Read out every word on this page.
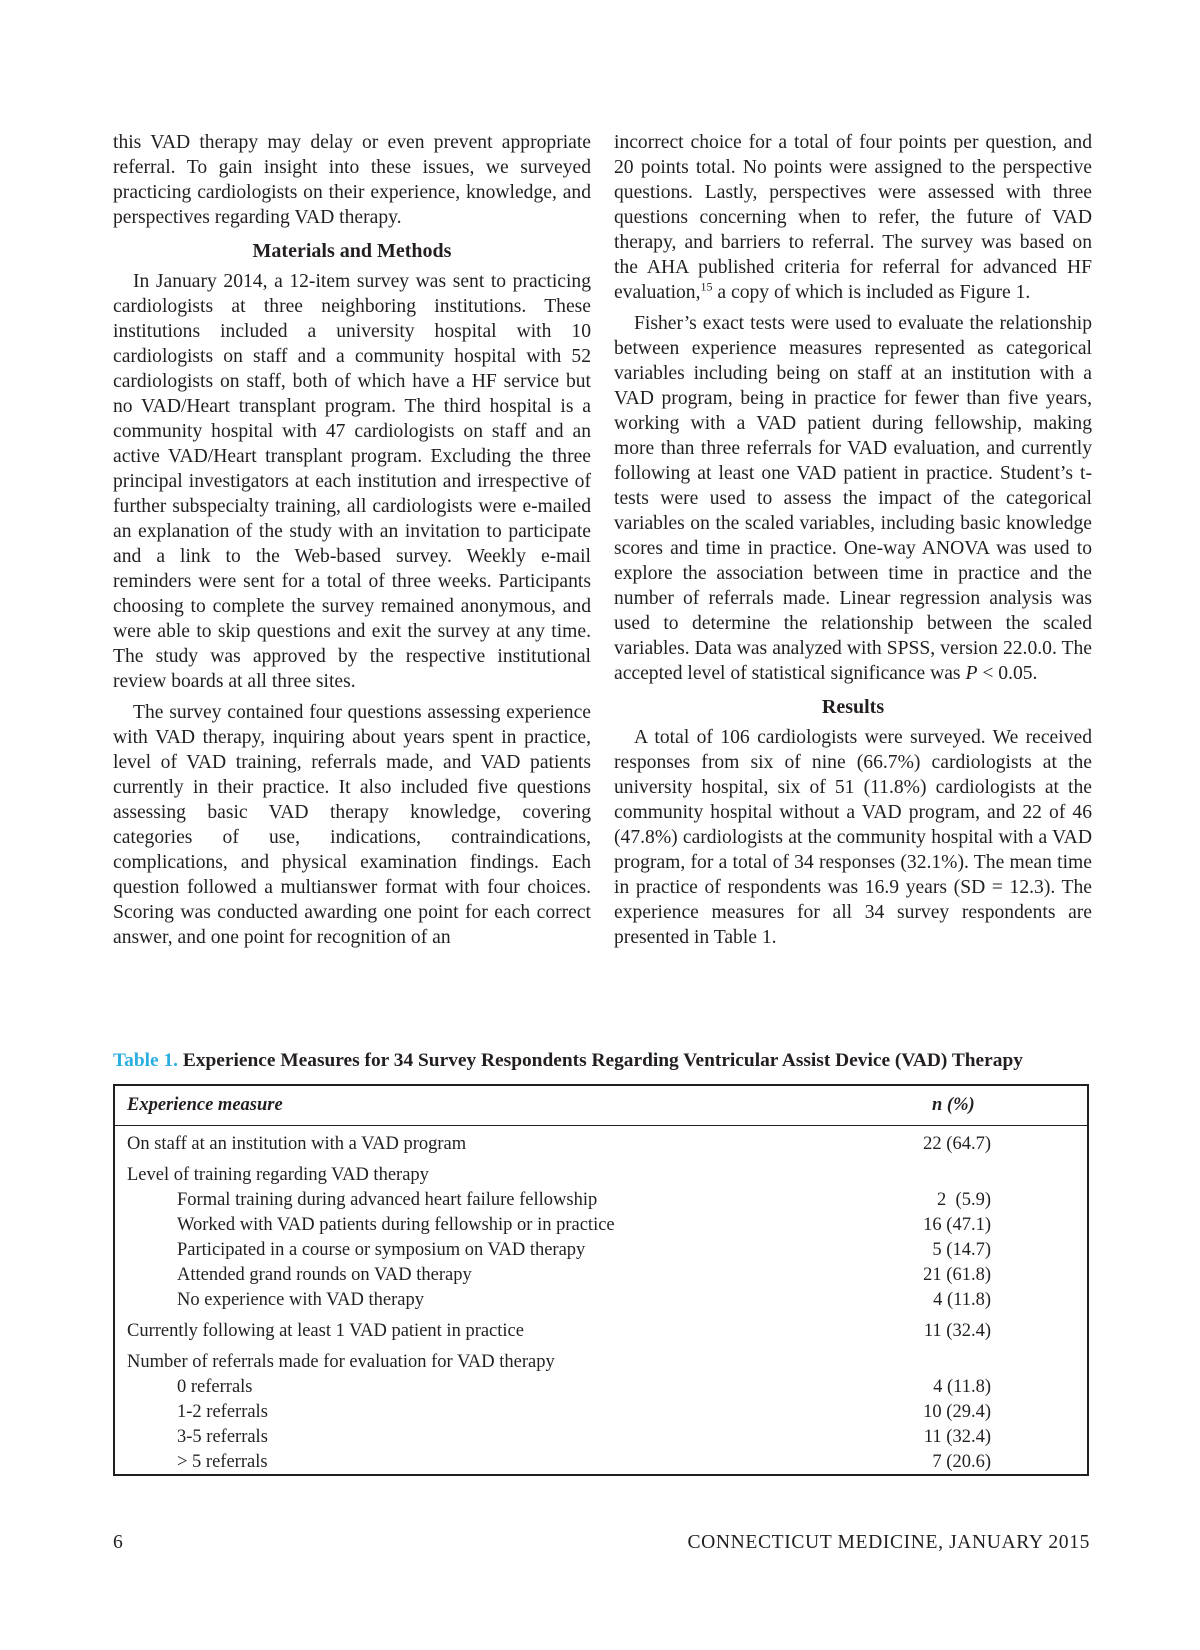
this VAD therapy may delay or even prevent appropriate referral. To gain insight into these issues, we surveyed practicing cardiologists on their experience, knowledge, and perspectives regarding VAD therapy.

Materials and Methods

In January 2014, a 12-item survey was sent to practicing cardiologists at three neighboring institutions. These institutions included a university hospital with 10 cardiologists on staff and a community hospital with 52 cardiologists on staff, both of which have a HF service but no VAD/Heart transplant program. The third hospital is a community hospital with 47 cardiologists on staff and an active VAD/Heart transplant program. Excluding the three principal investigators at each institution and irrespective of further subspecialty training, all cardiologists were e-mailed an explanation of the study with an invitation to participate and a link to the Web-based survey. Weekly e-mail reminders were sent for a total of three weeks. Participants choosing to complete the survey remained anonymous, and were able to skip questions and exit the survey at any time. The study was approved by the respective institutional review boards at all three sites.

The survey contained four questions assessing experience with VAD therapy, inquiring about years spent in practice, level of VAD training, referrals made, and VAD patients currently in their practice. It also included five questions assessing basic VAD therapy knowledge, covering categories of use, indications, contraindications, complications, and physical examination findings. Each question followed a multianswer format with four choices. Scoring was conducted awarding one point for each correct answer, and one point for recognition of an

incorrect choice for a total of four points per question, and 20 points total. No points were assigned to the perspective questions. Lastly, perspectives were assessed with three questions concerning when to refer, the future of VAD therapy, and barriers to referral. The survey was based on the AHA published criteria for referral for advanced HF evaluation,$^{15}$ a copy of which is included as Figure 1.

Fisher’s exact tests were used to evaluate the relationship between experience measures represented as categorical variables including being on staff at an institution with a VAD program, being in practice for fewer than five years, working with a VAD patient during fellowship, making more than three referrals for VAD evaluation, and currently following at least one VAD patient in practice. Student’s t-tests were used to assess the impact of the categorical variables on the scaled variables, including basic knowledge scores and time in practice. One-way ANOVA was used to explore the association between time in practice and the number of referrals made. Linear regression analysis was used to determine the relationship between the scaled variables. Data was analyzed with SPSS, version 22.0.0. The accepted level of statistical significance was P < 0.05.

Results

A total of 106 cardiologists were surveyed. We received responses from six of nine (66.7%) cardiologists at the university hospital, six of 51 (11.8%) cardiologists at the community hospital without a VAD program, and 22 of 46 (47.8%) cardiologists at the community hospital with a VAD program, for a total of 34 responses (32.1%). The mean time in practice of respondents was 16.9 years (SD = 12.3). The experience measures for all 34 survey respondents are presented in Table 1.

Table 1. Experience Measures for 34 Survey Respondents Regarding Ventricular Assist Device (VAD) Therapy
Experience measure	n (%)
On staff at an institution with a VAD program	22 (64.7)
Level of training regarding VAD therapy
Formal training during advanced heart failure fellowship	2  (5.9)
Worked with VAD patients during fellowship or in practice	16 (47.1)
Participated in a course or symposium on VAD therapy	5 (14.7)
Attended grand rounds on VAD therapy	21 (61.8)
No experience with VAD therapy	4 (11.8)
Currently following at least 1 VAD patient in practice	11 (32.4)
Number of referrals made for evaluation for VAD therapy
0 referrals	4 (11.8)
1-2 referrals	10 (29.4)
3-5 referrals	11 (32.4)
> 5 referrals	7 (20.6)
6	CONNECTICUT MEDICINE, JANUARY 2015
